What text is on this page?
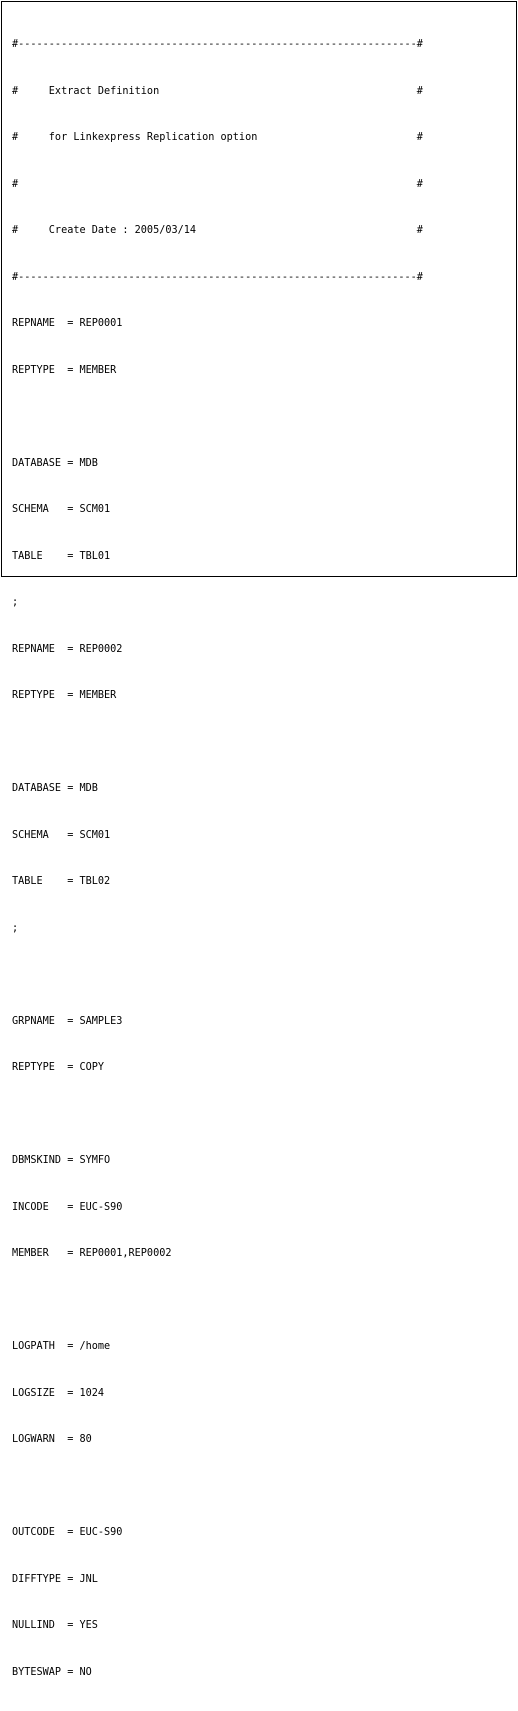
#-----------------------------------------------------------------#

#     Extract Definition                                          #

#     for Linkexpress Replication option                          #

#                                                                 #

#     Create Date : 2005/03/14                                    #

#-----------------------------------------------------------------#

REPNAME  = REP0001

REPTYPE  = MEMBER

DATABASE = MDB

SCHEMA   = SCM01

TABLE    = TBL01

;

REPNAME  = REP0002

REPTYPE  = MEMBER

DATABASE = MDB

SCHEMA   = SCM01

TABLE    = TBL02

;

GRPNAME  = SAMPLE3

REPTYPE  = COPY

DBMSKIND = SYMFO

INCODE   = EUC-S90

MEMBER   = REP0001,REP0002

LOGPATH  = /home

LOGSIZE  = 1024

LOGWARN  = 80

OUTCODE  = EUC-S90

DIFFTYPE = JNL

NULLIND  = YES

BYTESWAP = NO
